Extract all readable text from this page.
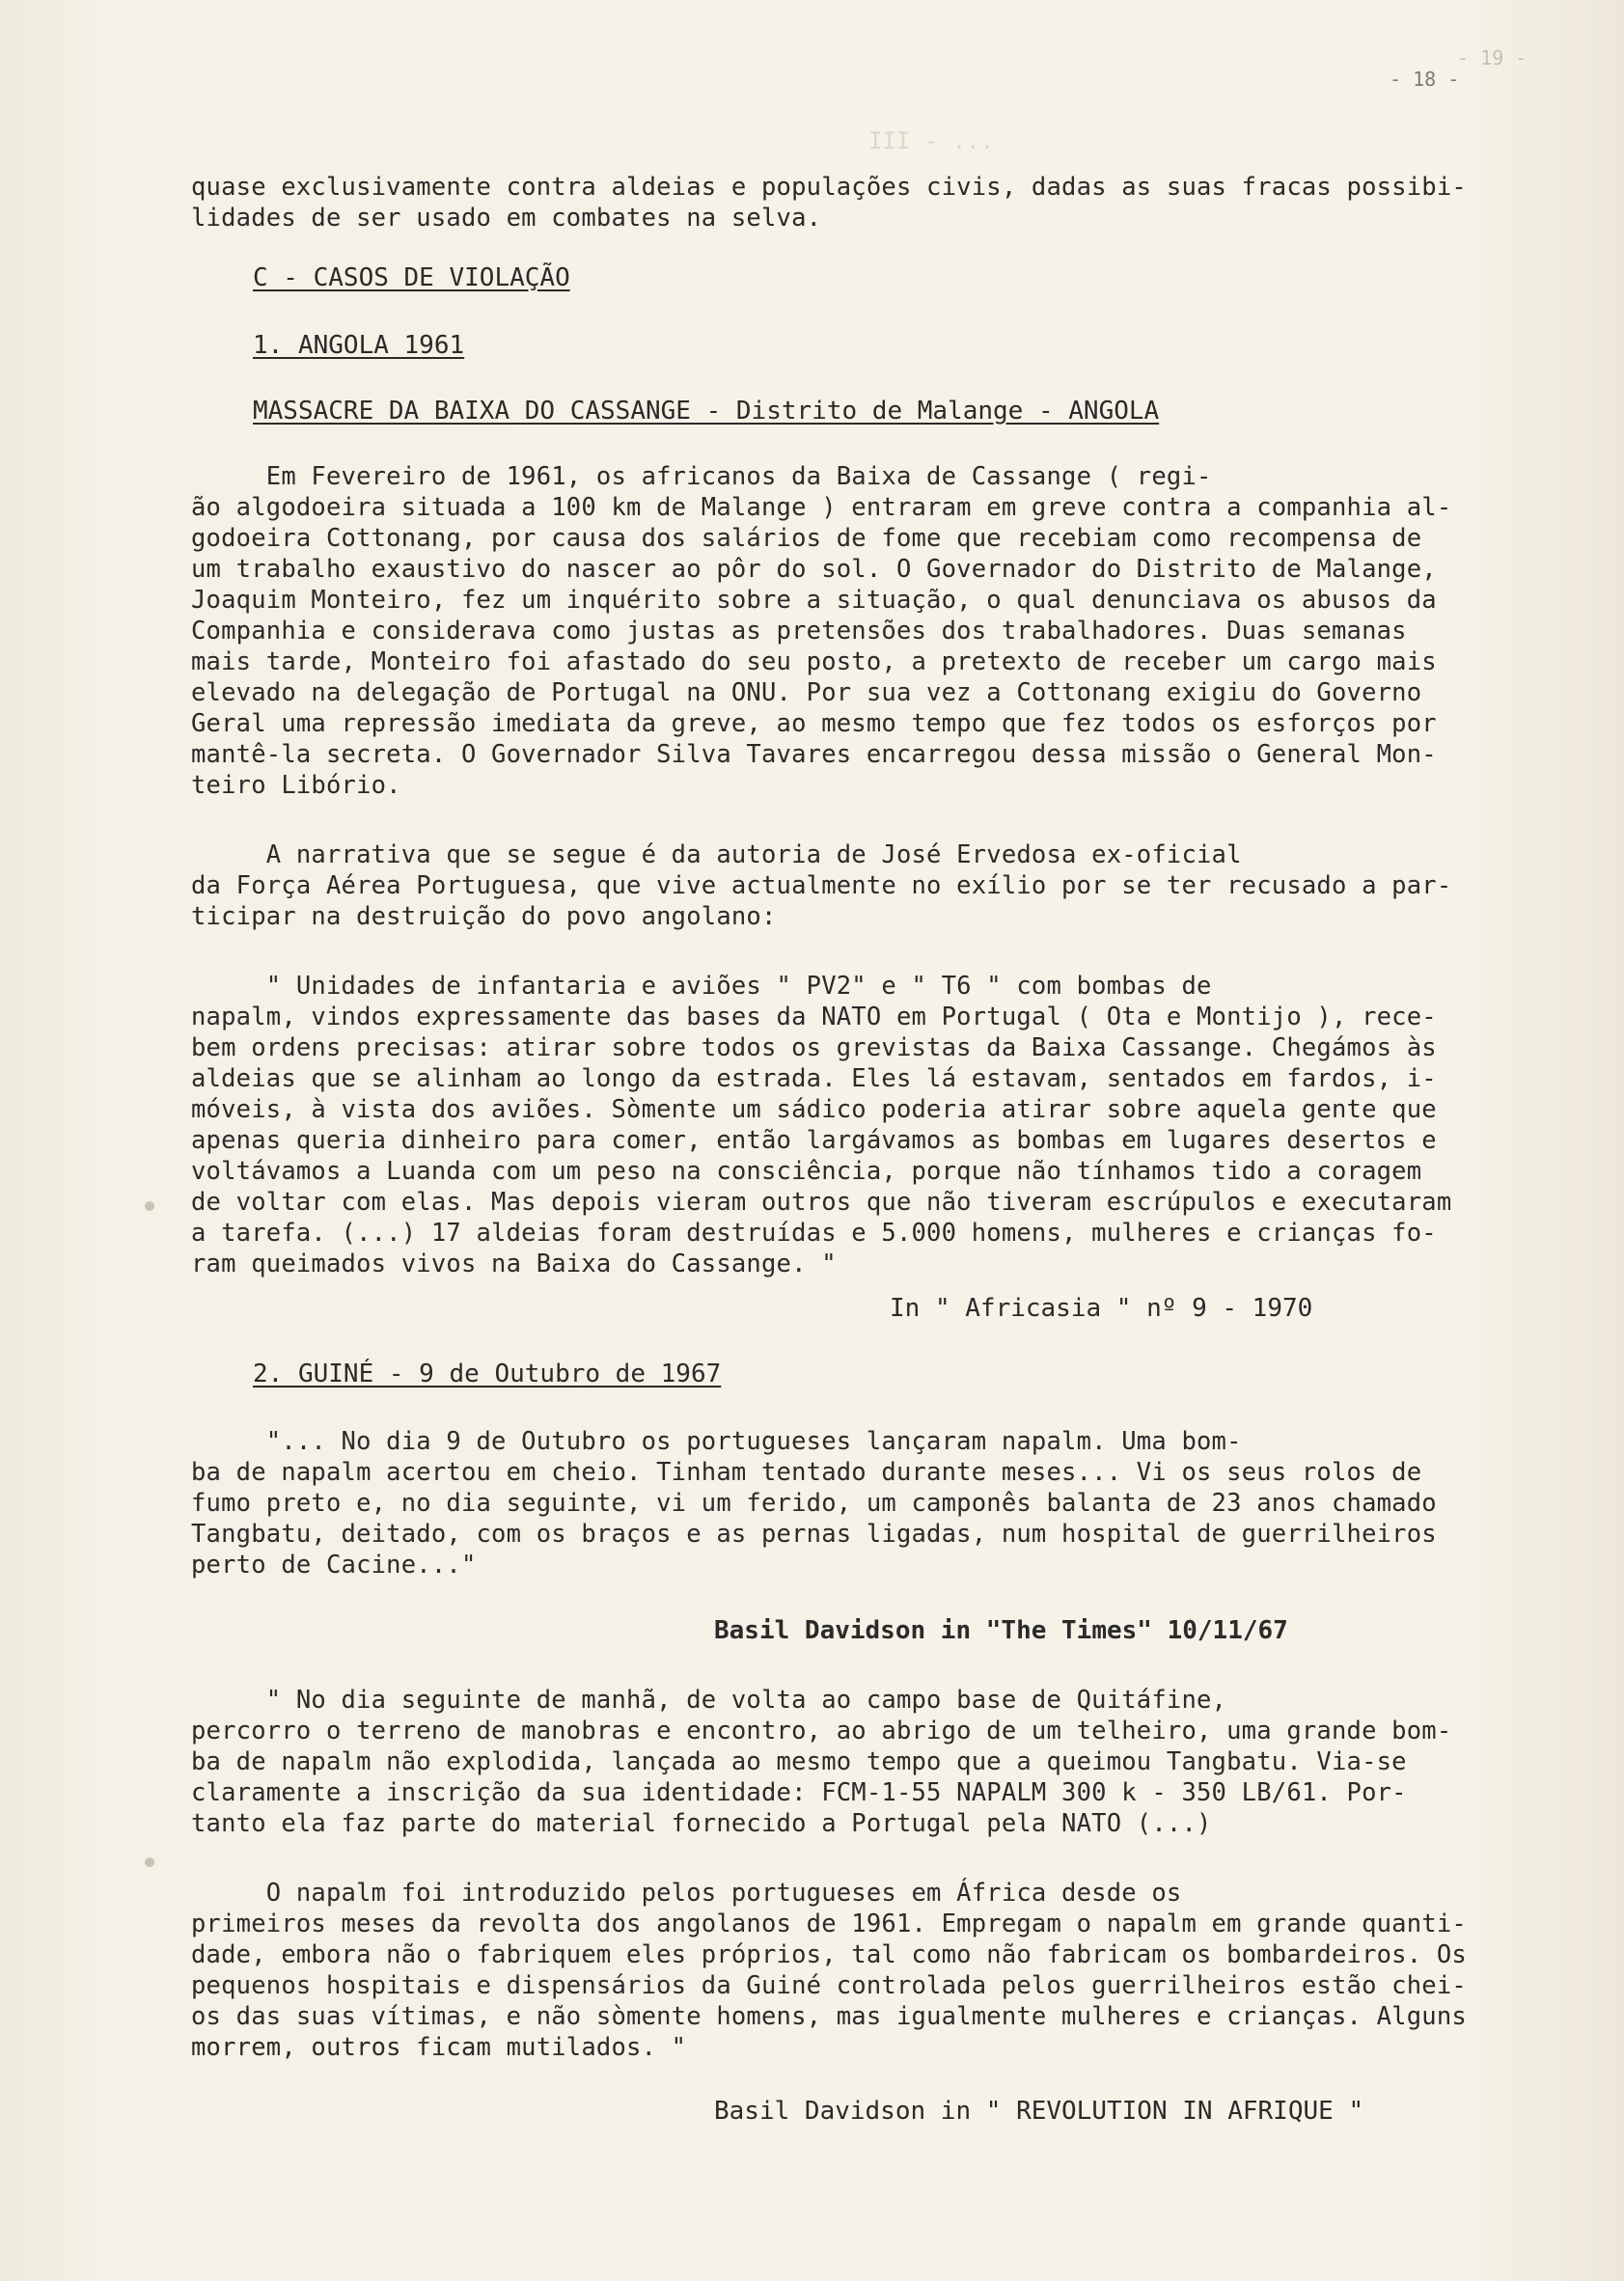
- 19 -
- 18 -
III - ...
quase exclusivamente contra aldeias e populações civis, dadas as suas fracas possibi-
lidades de ser usado em combates na selva.
C - CASOS DE VIOLAÇÃO
1. ANGOLA 1961
MASSACRE DA BAIXA DO CASSANGE - Distrito de Malange - ANGOLA
Em Fevereiro de 1961, os africanos da Baixa de Cassange ( regi-
ão algodoeira situada a 100 km de Malange ) entraram em greve contra a companhia al-
godoeira Cottonang, por causa dos salários de fome que recebiam como recompensa de
um trabalho exaustivo do nascer ao pôr do sol. O Governador do Distrito de Malange,
Joaquim Monteiro, fez um inquérito sobre a situação, o qual denunciava os abusos da
Companhia e considerava como justas as pretensões dos trabalhadores. Duas semanas
mais tarde, Monteiro foi afastado do seu posto, a pretexto de receber um cargo mais
elevado na delegação de Portugal na ONU. Por sua vez a Cottonang exigiu do Governo
Geral uma repressão imediata da greve, ao mesmo tempo que fez todos os esforços por
mantê-la secreta. O Governador Silva Tavares encarregou dessa missão o General Mon-
teiro Libório.
A narrativa que se segue é da autoria de José Ervedosa ex-oficial
da Força Aérea Portuguesa, que vive actualmente no exílio por se ter recusado a par-
ticipar na destruição do povo angolano:
" Unidades de infantaria e aviões " PV2" e " T6 " com bombas de
napalm, vindos expressamente das bases da NATO em Portugal ( Ota e Montijo ), rece-
bem ordens precisas: atirar sobre todos os grevistas da Baixa Cassange. Chegámos às
aldeias que se alinham ao longo da estrada. Eles lá estavam, sentados em fardos, i-
móveis, à vista dos aviões. Sòmente um sádico poderia atirar sobre aquela gente que
apenas queria dinheiro para comer, então largávamos as bombas em lugares desertos e
voltávamos a Luanda com um peso na consciência, porque não tínhamos tido a coragem
de voltar com elas. Mas depois vieram outros que não tiveram escrúpulos e executaram
a tarefa. (...) 17 aldeias foram destruídas e 5.000 homens, mulheres e crianças fo-
ram queimados vivos na Baixa do Cassange. "
In " Africasia " nº 9 - 1970
2. GUINÉ - 9 de Outubro de 1967
"... No dia 9 de Outubro os portugueses lançaram napalm. Uma bom-
ba de napalm acertou em cheio. Tinham tentado durante meses... Vi os seus rolos de
fumo preto e, no dia seguinte, vi um ferido, um camponês balanta de 23 anos chamado
Tangbatu, deitado, com os braços e as pernas ligadas, num hospital de guerrilheiros
perto de Cacine..."
Basil Davidson in "The Times" 10/11/67
" No dia seguinte de manhã, de volta ao campo base de Quitáfine,
percorro o terreno de manobras e encontro, ao abrigo de um telheiro, uma grande bom-
ba de napalm não explodida, lançada ao mesmo tempo que a queimou Tangbatu. Via-se
claramente a inscrição da sua identidade: FCM-1-55 NAPALM 300 k - 350 LB/61. Por-
tanto ela faz parte do material fornecido a Portugal pela NATO (...)
O napalm foi introduzido pelos portugueses em África desde os
primeiros meses da revolta dos angolanos de 1961. Empregam o napalm em grande quanti-
dade, embora não o fabriquem eles próprios, tal como não fabricam os bombardeiros. Os
pequenos hospitais e dispensários da Guiné controlada pelos guerrilheiros estão chei-
os das suas vítimas, e não sòmente homens, mas igualmente mulheres e crianças. Alguns
morrem, outros ficam mutilados. "
Basil Davidson in " REVOLUTION IN AFRIQUE "
